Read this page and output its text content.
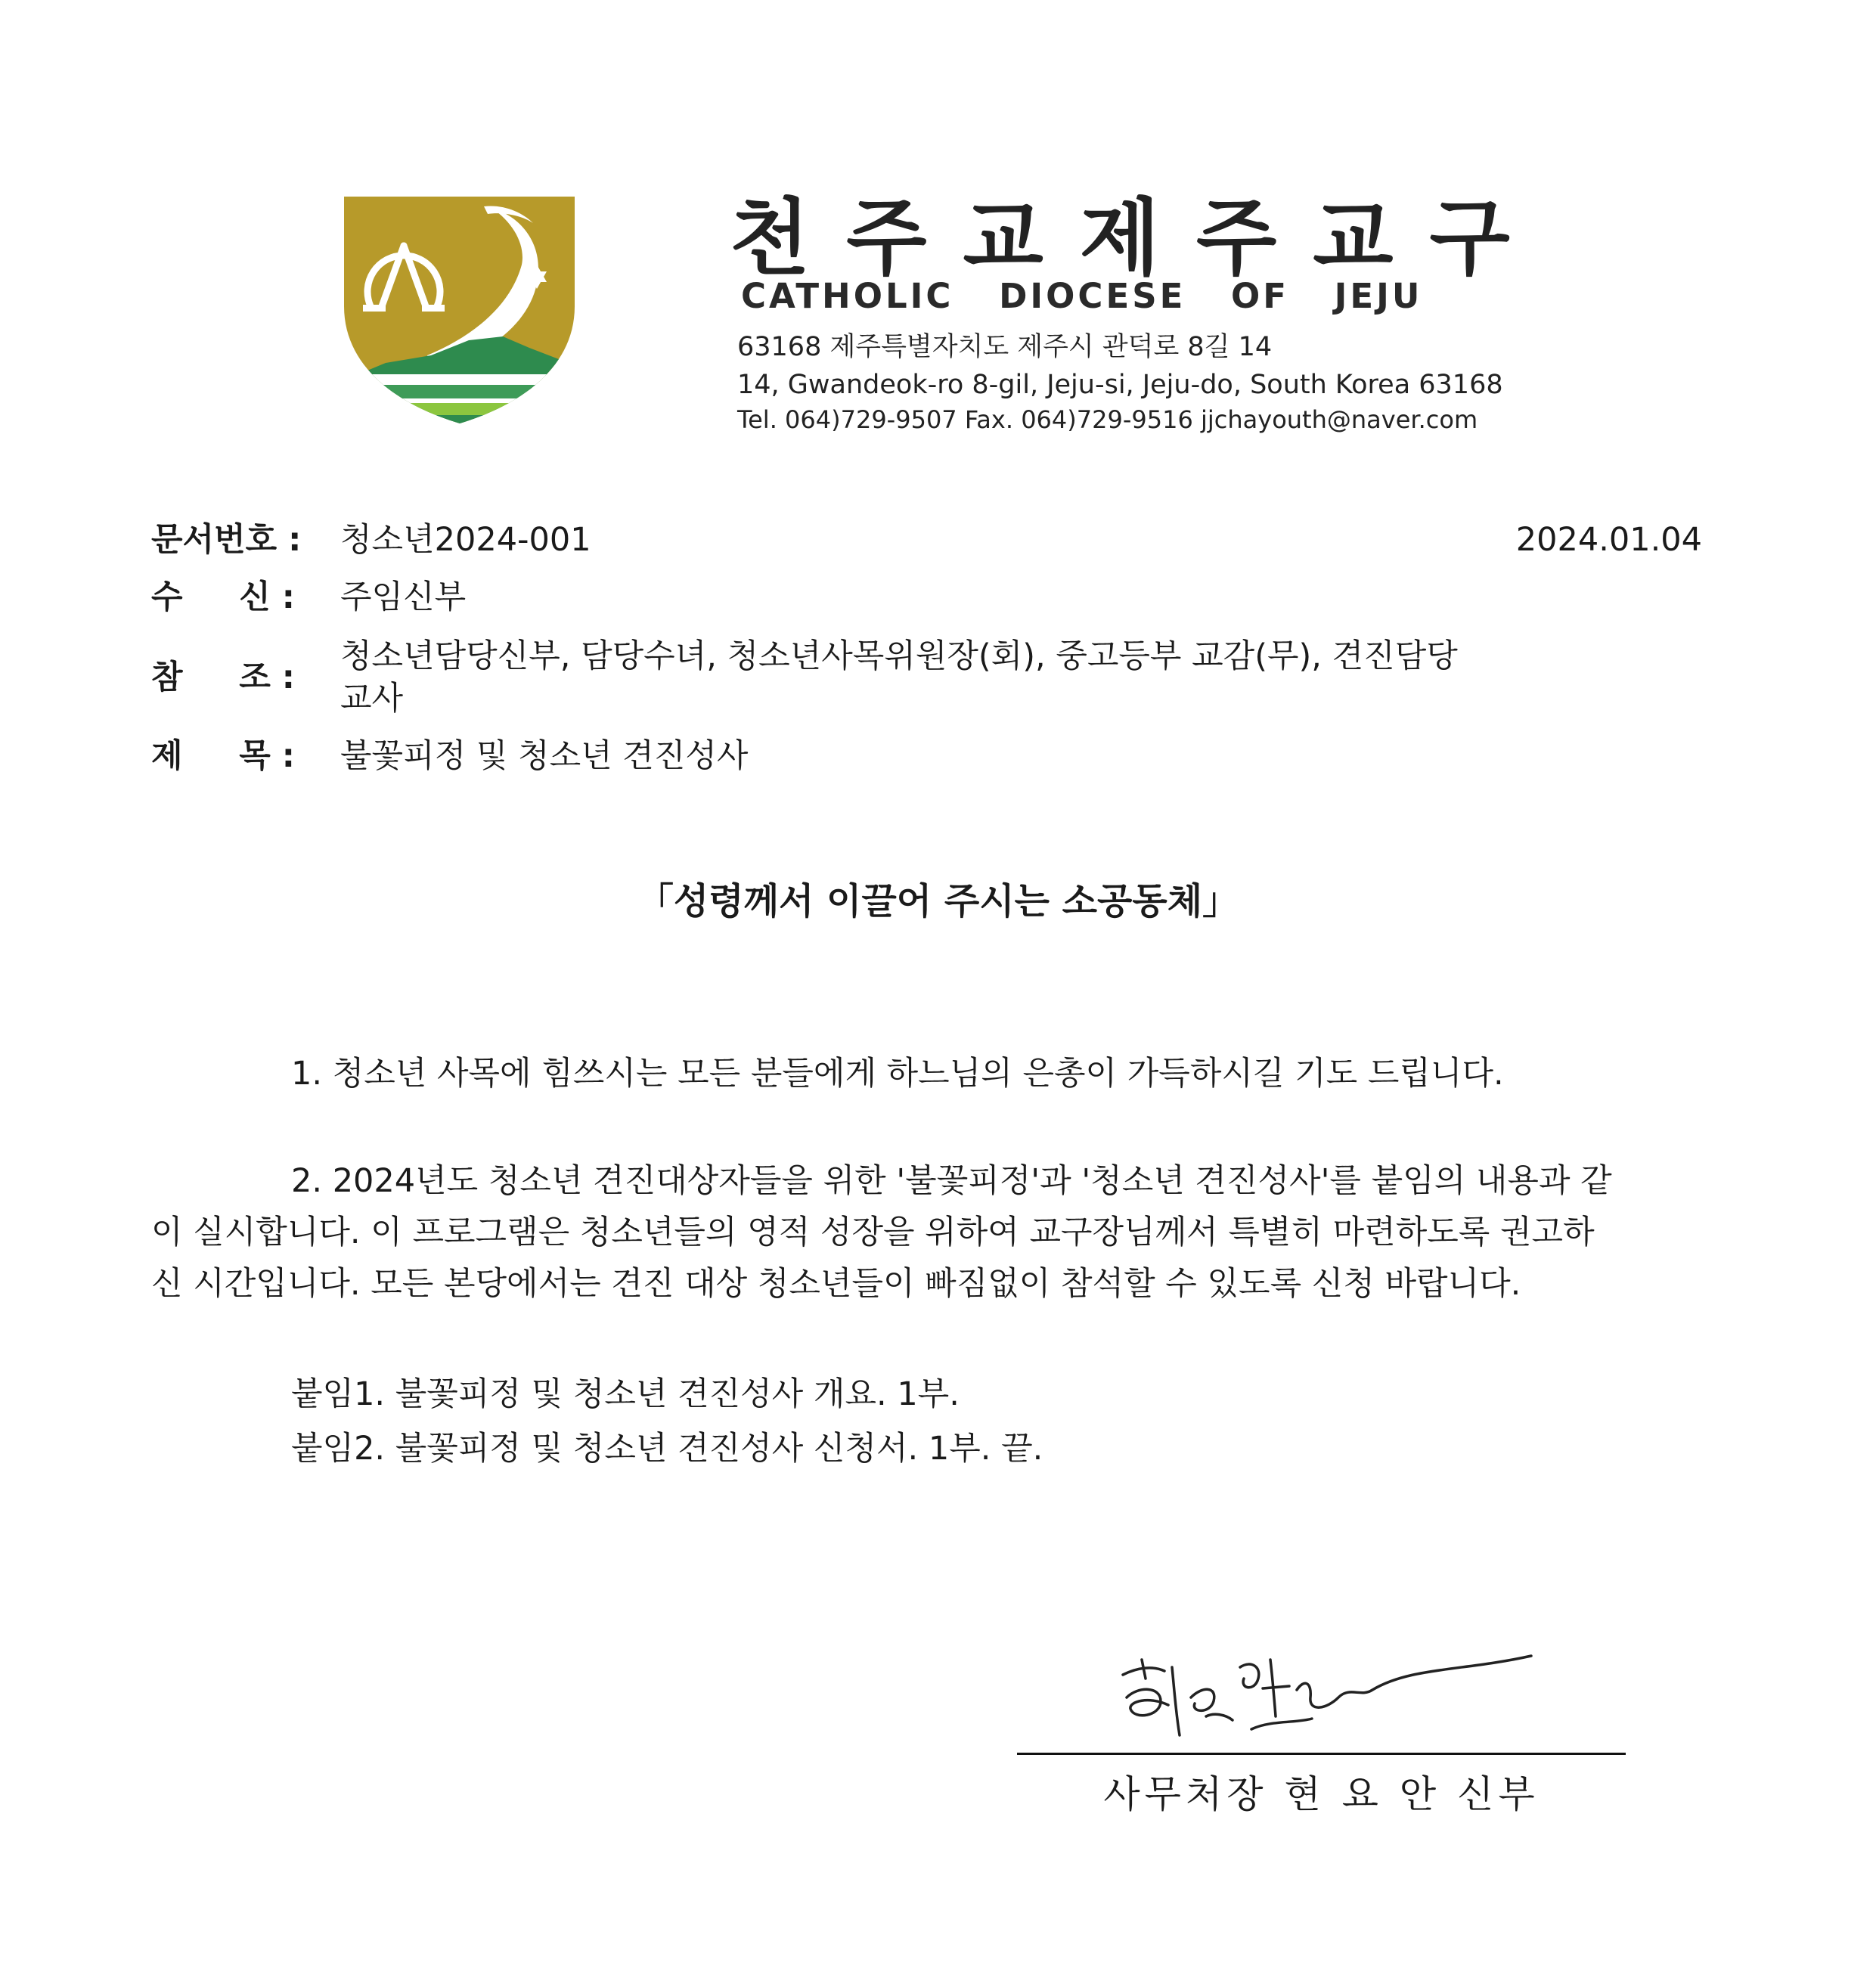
천주교제주교구
CATHOLIC DIOCESE OF JEJU
63168 제주특별자치도 제주시 관덕로 8길 14
14, Gwandeok-ro 8-gil, Jeju-si, Jeju-do, South Korea 63168
Tel. 064)729-9507 Fax. 064)729-9516 jjchayouth@naver.com
문서번호 :	청소년2024-001	2024.01.04
수 신 : 주임신부
참 조 :
청소년담당신부, 담당수녀, 청소년사목위원장(회), 중고등부 교감(무), 견진담당 교사
제 목 : 불꽃피정 및 청소년 견진성사
「성령께서 이끌어 주시는 소공동체」
1. 청소년 사목에 힘쓰시는 모든 분들에게 하느님의 은총이 가득하시길 기도 드립니다.
2. 2024년도 청소년 견진대상자들을 위한 '불꽃피정'과 '청소년 견진성사'를 붙임의 내용과 같
이 실시합니다. 이 프로그램은 청소년들의 영적 성장을 위하여 교구장님께서 특별히 마련하도록 권고하
신 시간입니다. 모든 본당에서는 견진 대상 청소년들이 빠짐없이 참석할 수 있도록 신청 바랍니다.
붙임1. 불꽃피정 및 청소년 견진성사 개요. 1부.
붙임2. 불꽃피정 및 청소년 견진성사 신청서. 1부. 끝.
사무처장 현 요 안 신부
